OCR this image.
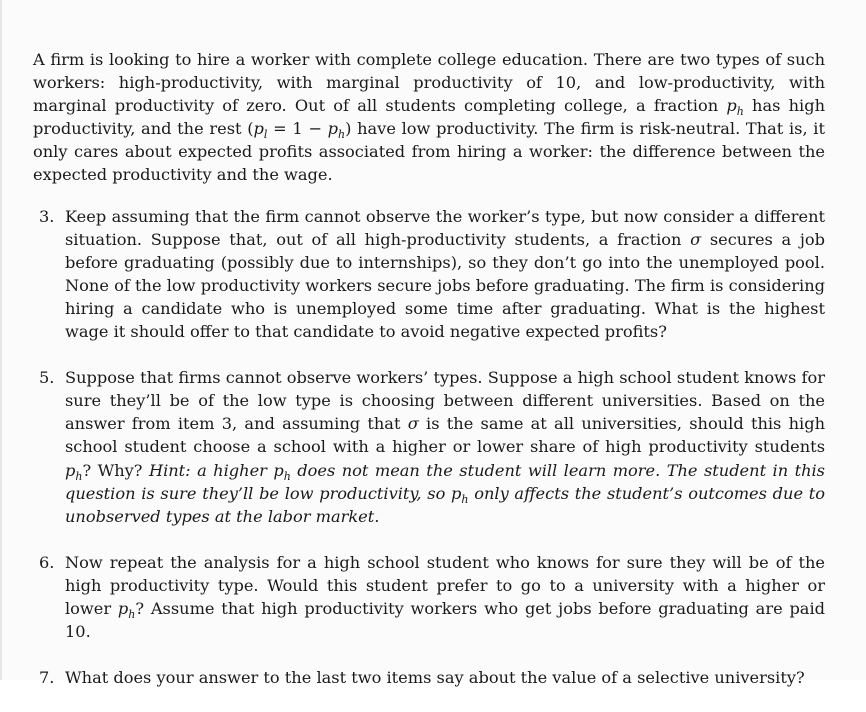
A firm is looking to hire a worker with complete college education. There are two types of such workers: high-productivity, with marginal productivity of 10, and low-productivity, with marginal productivity of zero. Out of all students completing college, a fraction $p_h$ has high productivity, and the rest $(p_l = 1 - p_h)$ have low productivity. The firm is risk-neutral. That is, it only cares about expected profits associated from hiring a worker: the difference between the expected productivity and the wage.

3. Keep assuming that the firm cannot observe the worker’s type, but now consider a different situation. Suppose that, out of all high-productivity students, a fraction σ secures a job before graduating (possibly due to internships), so they don’t go into the unemployed pool. None of the low productivity workers secure jobs before graduating. The firm is considering hiring a candidate who is unemployed some time after graduating. What is the highest wage it should offer to that candidate to avoid negative expected profits?
5. Suppose that firms cannot observe workers’ types. Suppose a high school student knows for sure they’ll be of the low type is choosing between different universities. Based on the answer from item 3, and assuming that σ is the same at all universities, should this high school student choose a school with a higher or lower share of high productivity students $p_h$? Why? Hint: a higher $p_h$ does not mean the student will learn more. The student in this question is sure they’ll be low productivity, so $p_h$ only affects the student’s outcomes due to unobserved types at the labor market.
6. Now repeat the analysis for a high school student who knows for sure they will be of the high productivity type. Would this student prefer to go to a university with a higher or lower $p_h$? Assume that high productivity workers who get jobs before graduating are paid 10.
7. What does your answer to the last two items say about the value of a selective university?
